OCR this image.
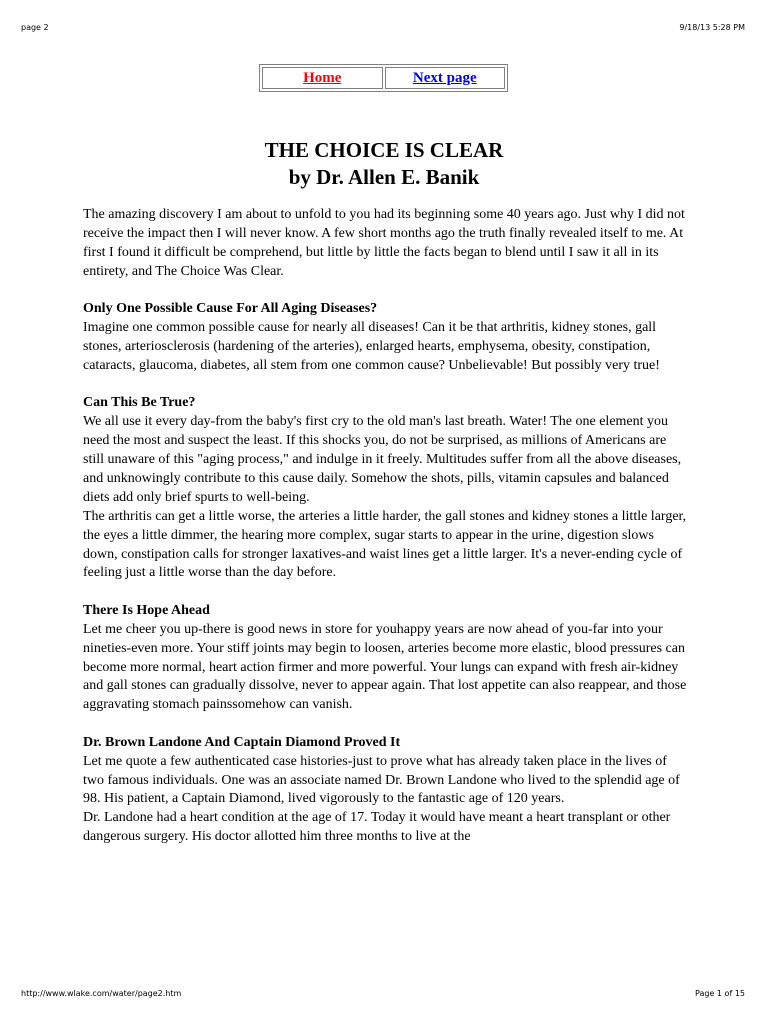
page 2	9/18/13 5:28 PM
Home	Next page
THE CHOICE IS CLEAR
by Dr. Allen E. Banik

The amazing discovery I am about to unfold to you had its beginning some 40 years ago. Just why I did not receive the impact then I will never know. A few short months ago the truth finally revealed itself to me. At first I found it difficult be comprehend, but little by little the facts began to blend until I saw it all in its entirety, and The Choice Was Clear.

Only One Possible Cause For All Aging Diseases?

Imagine one common possible cause for nearly all diseases! Can it be that arthritis, kidney stones, gall stones, arteriosclerosis (hardening of the arteries), enlarged hearts, emphysema, obesity, constipation, cataracts, glaucoma, diabetes, all stem from one common cause? Unbelievable! But possibly very true!

Can This Be True?

We all use it every day-from the baby's first cry to the old man's last breath. Water! The one element you need the most and suspect the least. If this shocks you, do not be surprised, as millions of Americans are still unaware of this "aging process," and indulge in it freely. Multitudes suffer from all the above diseases, and unknowingly contribute to this cause daily. Somehow the shots, pills, vitamin capsules and balanced diets add only brief spurts to well-being.

The arthritis can get a little worse, the arteries a little harder, the gall stones and kidney stones a little larger, the eyes a little dimmer, the hearing more complex, sugar starts to appear in the urine, digestion slows down, constipation calls for stronger laxatives-and waist lines get a little larger. It's a never-ending cycle of feeling just a little worse than the day before.

There Is Hope Ahead

Let me cheer you up-there is good news in store for youhappy years are now ahead of you-far into your nineties-even more. Your stiff joints may begin to loosen, arteries become more elastic, blood pressures can become more normal, heart action firmer and more powerful. Your lungs can expand with fresh air-kidney and gall stones can gradually dissolve, never to appear again. That lost appetite can also reappear, and those aggravating stomach painssomehow can vanish.

Dr. Brown Landone And Captain Diamond Proved It

Let me quote a few authenticated case histories-just to prove what has already taken place in the lives of two famous individuals. One was an associate named Dr. Brown Landone who lived to the splendid age of 98. His patient, a Captain Diamond, lived vigorously to the fantastic age of 120 years.

Dr. Landone had a heart condition at the age of 17. Today it would have meant a heart transplant or other dangerous surgery. His doctor allotted him three months to live at the

http://www.wlake.com/water/page2.htm	Page 1 of 15
